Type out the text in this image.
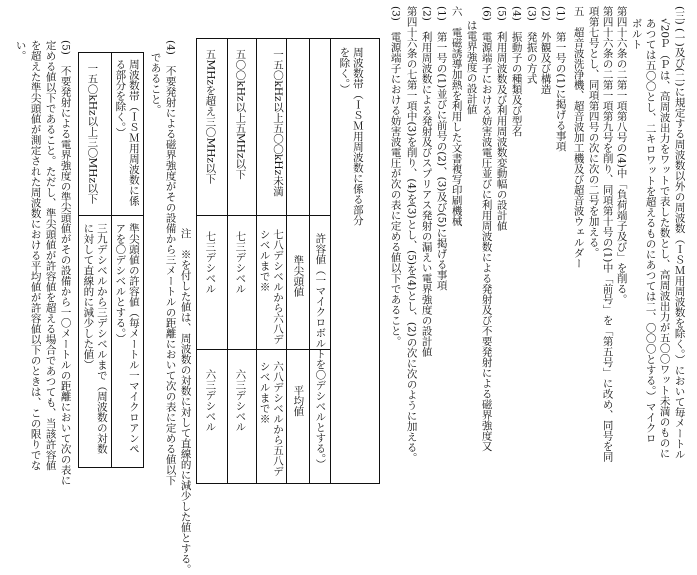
(三) (一)及び(二)に規定する周波数以外の周波数（ＩＳＭ用周波数を除く。）において毎メートル
√20Ｐ（Ｐは、高周波出力をワットで表した数とし、高周波出力が五〇〇ワット未満のものに
あつては五〇〇とし、二キロワットを超えるものにあつては二、〇〇〇とする。）マイクロ
ボルト
第四十六条の二第一項第八号の(4)中「負荷端子及び」を削る。
第四十六条の二第一項第九号を削り、同項第十号の(1)中「前号」を「第五号」に改め、同号を同
項第七号とし、同項第四号の次に次の二号を加える。
五　超音波洗浄機、超音波加工機及び超音波ウェルダー
(1)　第一号の(1)に掲げる事項
(2)　外観及び構造
(3)　発振の方式
(4)　振動子の種類及び型名
(5)　利用周波数及び利用周波数変動幅の設計値
(6)　電源端子における妨害波電圧並びに利用周波数による発射及び不要発射による磁界強度又
は電界強度の設計値
六　電磁誘導加熱を利用した文書複写印刷機械
(1)　第一号の(1)並びに前号の(2)、(3)及び(5)に掲げる事項
(2)　利用周波数による発射及びスプリアス発射の漏えい電界強度の設計値
第四十六条の七第一項中(3)を削り、(4)を(3)とし、(5)を(4)とし、(2)の次に次のように加える。
(3)　電源端子における妨害波電圧が次の表に定める値以下であること。
周波数帯（ＩＳＭ用周波数に係る部分を除く。）
許容値（一マイクロボルトを〇デシベルとする。）
準尖頭値
平均値
一五〇kHz以上五〇〇kHz未満
七八デシベルから六八デシベルまで※
六八デシベルから五八デシベルまで※
五〇〇kHz以上五MHz以下
七三デシベル
六三デシベル
五MHzを超え三〇MHz以下
七三デシベル
六三デシベル
注　※を付した値は、周波数の対数に対して直線的に減少した値とする。
(4)　不要発射による磁界強度がその設備から三メートルの距離において次の表に定める値以下
であること。
周波数帯（ＩＳＭ用周波数に係る部分を除く。）
準尖頭値の許容値（毎メートル一マイクロアンペアを〇デシベルとする。）
一五〇kHz以上三〇MHz以下
三九デシベルから三デシベルまで（周波数の対数に対して直線的に減少した値）
(5)　不要発射による電界強度の準尖頭値がその設備から一〇メートルの距離において次の表に
定める値以下であること。ただし、準尖頭値が許容値を超える場合であつても、当該許容値
を超えた準尖頭値が測定された周波数における平均値が許容値以下のときは、この限りでな
い。
